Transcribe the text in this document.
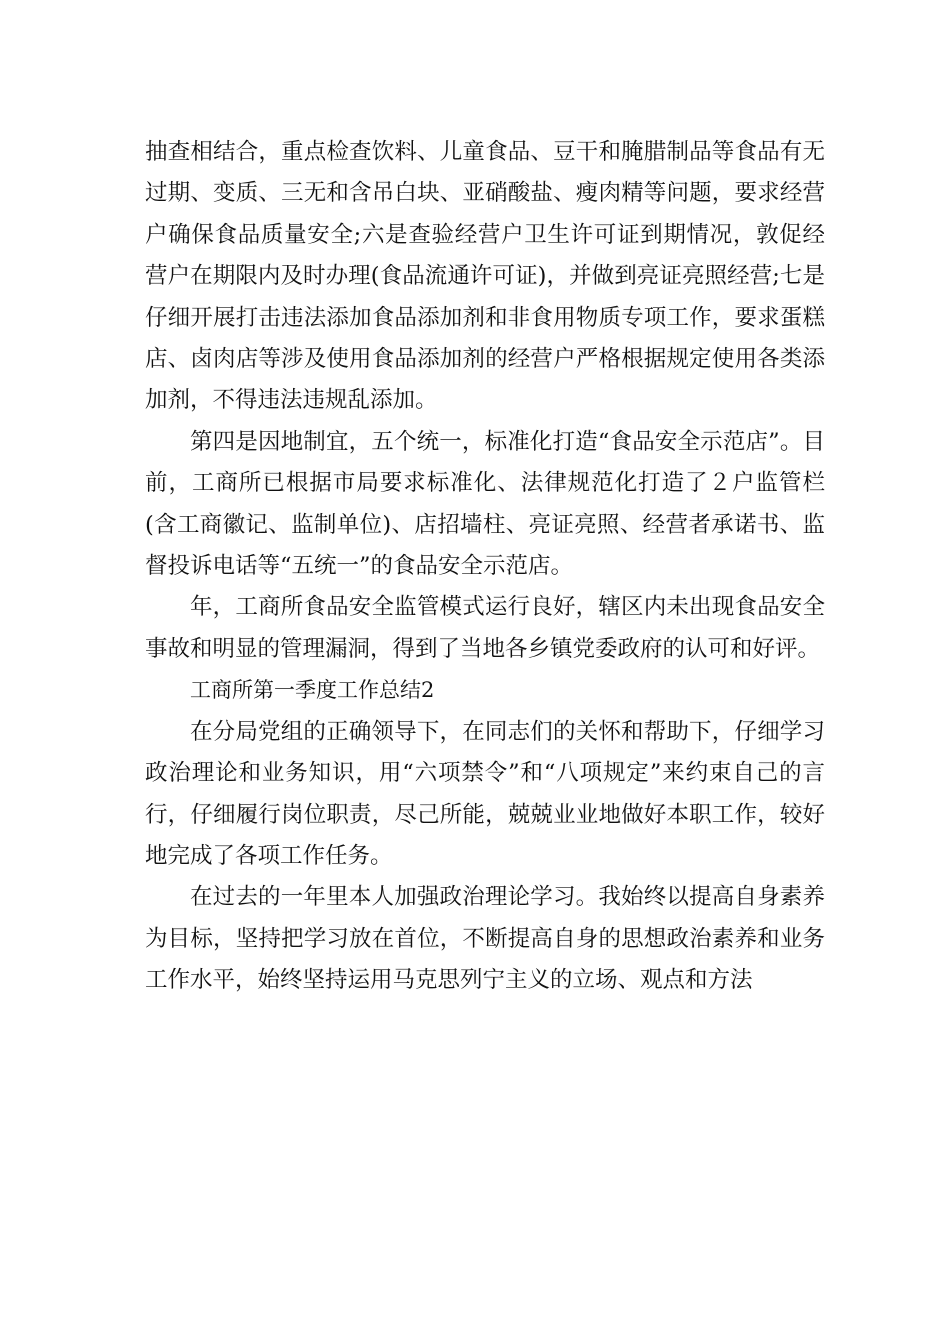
抽查相结合，重点检查饮料、儿童食品、豆干和腌腊制品等食品有无过期、变质、三无和含吊白块、亚硝酸盐、瘦肉精等问题，要求经营户确保食品质量安全;六是查验经营户卫生许可证到期情况，敦促经营户在期限内及时办理(食品流通许可证)，并做到亮证亮照经营;七是仔细开展打击违法添加食品添加剂和非食用物质专项工作，要求蛋糕店、卤肉店等涉及使用食品添加剂的经营户严格根据规定使用各类添加剂，不得违法违规乱添加。

第四是因地制宜，五个统一，标准化打造“食品安全示范店”。目前，工商所已根据市局要求标准化、法律规范化打造了２户监管栏(含工商徽记、监制单位)、店招墙柱、亮证亮照、经营者承诺书、监督投诉电话等“五统一”的食品安全示范店。

年，工商所食品安全监管模式运行良好，辖区内未出现食品安全事故和明显的管理漏洞，得到了当地各乡镇党委政府的认可和好评。

工商所第一季度工作总结2

在分局党组的正确领导下，在同志们的关怀和帮助下，仔细学习政治理论和业务知识，用“六项禁令”和“八项规定”来约束自己的言行，仔细履行岗位职责，尽己所能，兢兢业业地做好本职工作，较好地完成了各项工作任务。

在过去的一年里本人加强政治理论学习。我始终以提高自身素养为目标，坚持把学习放在首位，不断提高自身的思想政治素养和业务工作水平，始终坚持运用马克思列宁主义的立场、观点和方法
